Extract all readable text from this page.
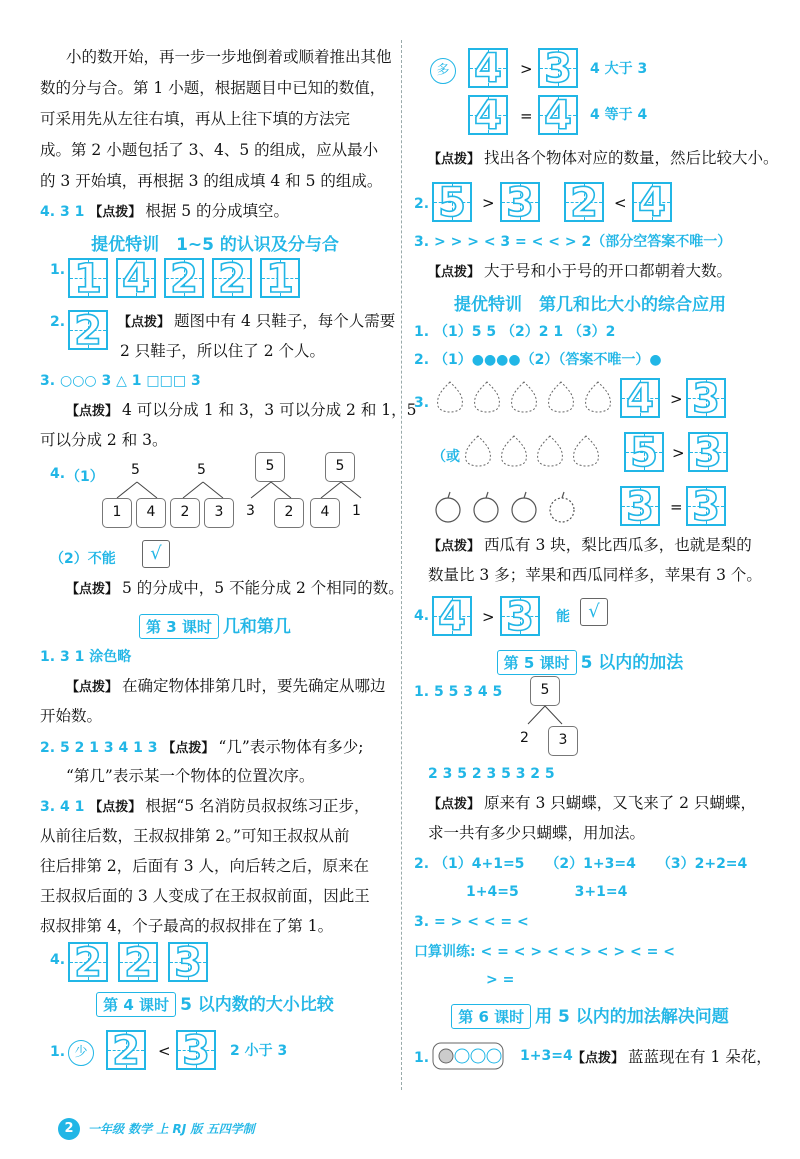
小的数开始，再一步一步地倒着或顺着推出其他
数的分与合。第 1 小题，根据题目中已知的数值，
可采用先从左往右填，再从上往下填的方法完
成。第 2 小题包括了 3、4、5 的组成，应从最小
的 3 开始填，再根据 3 的组成填 4 和 5 的组成。
4. 3 1 【点拨】 根据 5 的分成填空。
提优特训　1~5 的认识及分与合
1. 1 4 2 2 1
2. 2	【点拨】 题图中有 4 只鞋子，每个人需要
2 只鞋子，所以住了 2 个人。
3. ○○○ 3 △ 1 □□□ 3
【点拨】 4 可以分成 1 和 3，3 可以分成 2 和 1，5
可以分成 2 和 3。
4. （1） 5
1	4
5
2	3
5
3	2
5
4	1
（2）不能	√
【点拨】 5 的分成中，5 不能分成 2 个相同的数。
第 3 课时 几和第几
1. 3 1 涂色略
【点拨】 在确定物体排第几时，要先确定从哪边
开始数。
2. 5 2 1 3 4 1 3 【点拨】 “几”表示物体有多少;
“第几”表示某一个物体的位置次序。
3. 4 1 【点拨】 根据“5 名消防员叔叔练习正步，
从前往后数，王叔叔排第 2。”可知王叔叔从前
往后排第 2，后面有 3 人，向后转之后，原来在
王叔叔后面的 3 人变成了在王叔叔前面，因此王
叔叔排第 4，个子最高的叔叔排在了第 1。
4. 2 2 3
第 4 课时 5 以内数的大小比较
1. 少 2 < 3 2 小于 3
多 4 > 3 4 大于 3
4 = 4 4 等于 4
【点拨】 找出各个物体对应的数量，然后比较大小。
2. 5 > 3 2 < 4
3. > > > < 3 = < < > 2（部分空答案不唯一）
【点拨】 大于号和小于号的开口都朝着大数。
提优特训　第几和比大小的综合应用
1. （1）5 5 （2）2 1 （3）2
2. （1）●●●●（2）（答案不唯一）●
3.	4 > 3
（或	5 > 3
3 = 3
【点拨】 西瓜有 3 块，梨比西瓜多，也就是梨的
数量比 3 多；苹果和西瓜同样多，苹果有 3 个。
4. 4 > 3 能	√
第 5 课时 5 以内的加法
1. 5 5 3 4 5	5
2	3
2 3 5 2 3 5 3 2 5
【点拨】 原来有 3 只蝴蝶，又飞来了 2 只蝴蝶，
求一共有多少只蝴蝶，用加法。
2. （1）4+1=5　　（2）1+3=4　　（3）2+2=4
1+4=5　　　　3+1=4
3. = > < < = <
口算训练: < = < > < < > < > < = <
> =
第 6 课时 用 5 以内的加法解决问题
1.	1+3=4 【点拨】 蓝蓝现在有 1 朵花，
2	一年级 数学 上 RJ 版 五四学制
